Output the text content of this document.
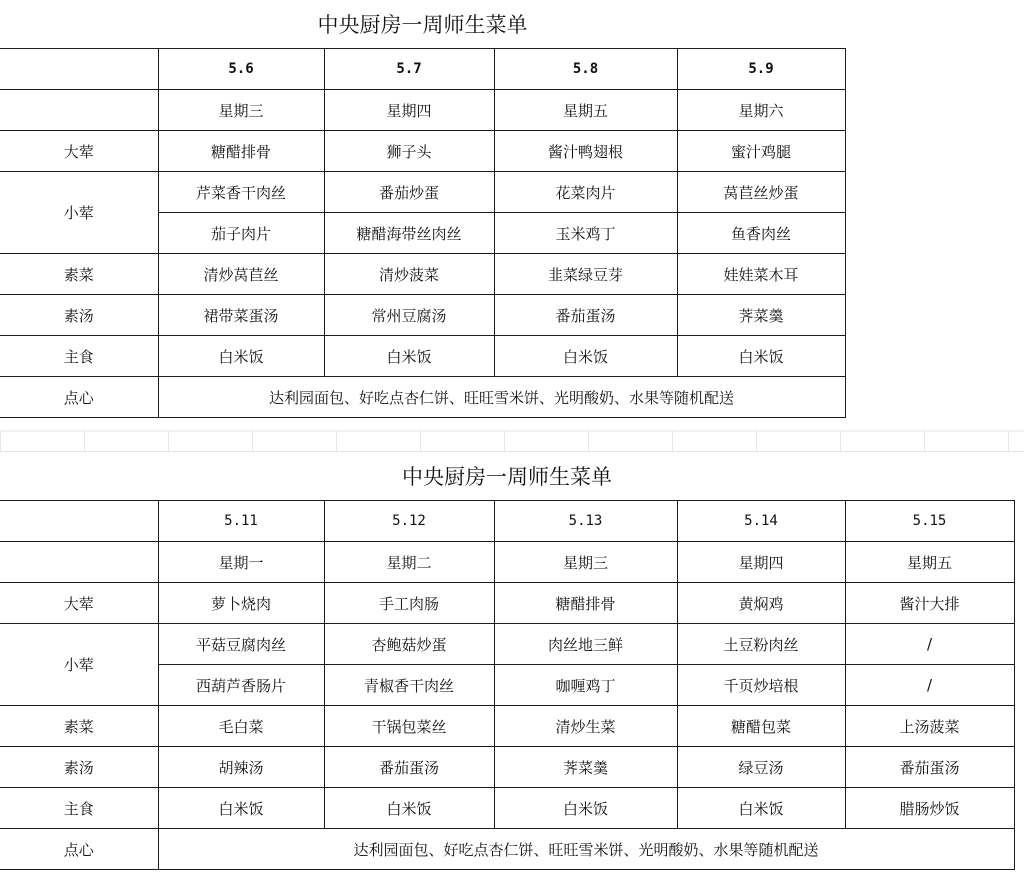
中央厨房一周师生菜单
	5.6	5.7	5.8	5.9
	星期三	星期四	星期五	星期六
大荤	糖醋排骨	狮子头	酱汁鸭翅根	蜜汁鸡腿
小荤	芹菜香干肉丝	番茄炒蛋	花菜肉片	莴苣丝炒蛋
	茄子肉片	糖醋海带丝肉丝	玉米鸡丁	鱼香肉丝
素菜	清炒莴苣丝	清炒菠菜	韭菜绿豆芽	娃娃菜木耳
素汤	裙带菜蛋汤	常州豆腐汤	番茄蛋汤	荠菜羹
主食	白米饭	白米饭	白米饭	白米饭
点心	达利园面包、好吃点杏仁饼、旺旺雪米饼、光明酸奶、水果等随机配送			
中央厨房一周师生菜单
	5.11	5.12	5.13	5.14	5.15
	星期一	星期二	星期三	星期四	星期五
大荤	萝卜烧肉	手工肉肠	糖醋排骨	黄焖鸡	酱汁大排
小荤	平菇豆腐肉丝	杏鲍菇炒蛋	肉丝地三鲜	土豆粉肉丝	/
	西葫芦香肠片	青椒香干肉丝	咖喱鸡丁	千页炒培根	/
素菜	毛白菜	干锅包菜丝	清炒生菜	糖醋包菜	上汤菠菜
素汤	胡辣汤	番茄蛋汤	荠菜羹	绿豆汤	番茄蛋汤
主食	白米饭	白米饭	白米饭	白米饭	腊肠炒饭
点心	达利园面包、好吃点杏仁饼、旺旺雪米饼、光明酸奶、水果等随机配送				
